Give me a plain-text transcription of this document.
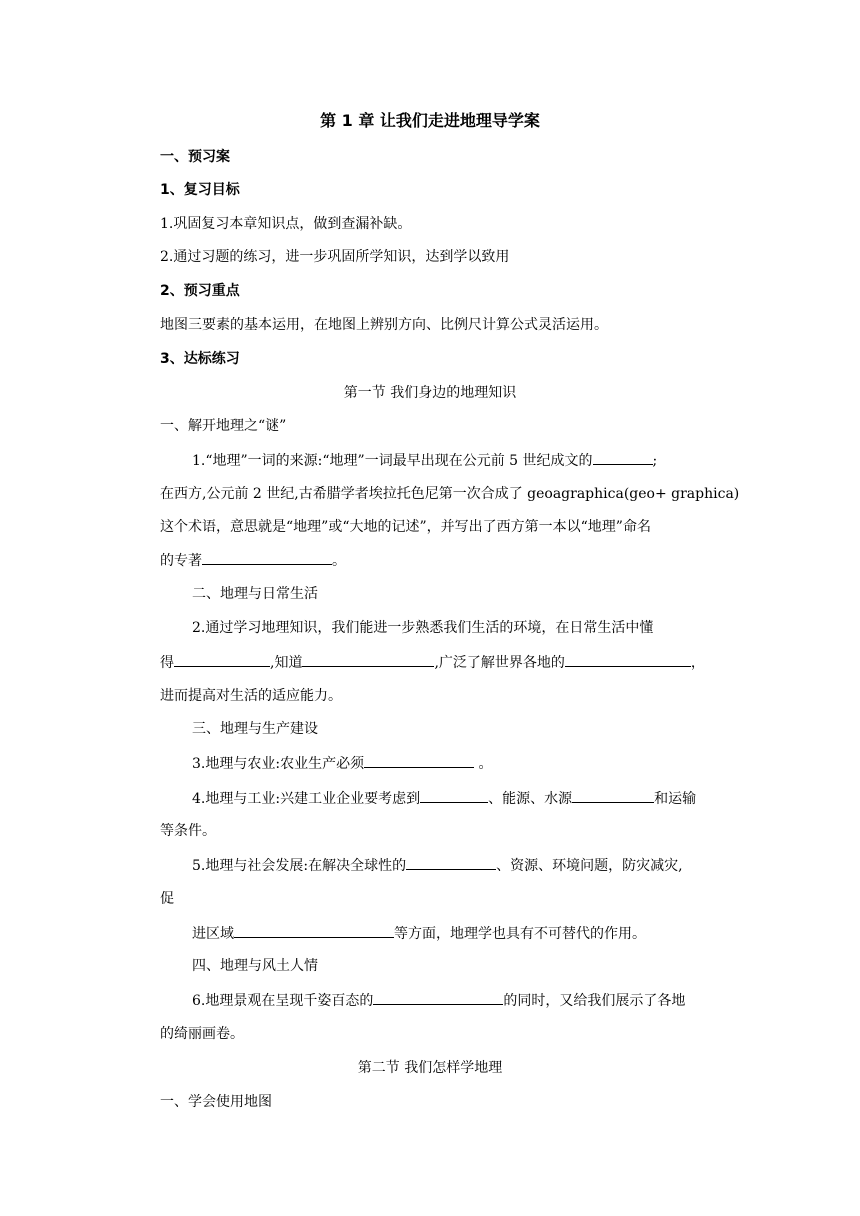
第 1 章 让我们走进地理导学案
一、预习案
1、复习目标
1.巩固复习本章知识点，做到查漏补缺。
2.通过习题的练习，进一步巩固所学知识，达到学以致用
2、预习重点
地图三要素的基本运用，在地图上辨别方向、比例尺计算公式灵活运用。
3、达标练习
第一节 我们身边的地理知识
一、解开地理之“谜”
1.“地理”一词的来源:“地理”一词最早出现在公元前 5 世纪成文的	;
在西方,公元前 2 世纪,古希腊学者埃拉托色尼第一次合成了 geoagraphica(geo+ graphica)
这个术语，意思就是“地理”或“大地的记述”，并写出了西方第一本以“地理”命名
的专著	。
二、地理与日常生活
2.通过学习地理知识，我们能进一步熟悉我们生活的环境，在日常生活中懂
得	,知道	,广泛了解世界各地的	，
进而提高对生活的适应能力。
三、地理与生产建设
3.地理与农业:农业生产必须	。
4.地理与工业:兴建工业企业要考虑到	、能源、水源	和运输
等条件。
5.地理与社会发展:在解决全球性的	、资源、环境问题，防灾减灾,
促
进区域	等方面，地理学也具有不可替代的作用。
四、地理与风土人情
6.地理景观在呈现千姿百态的	的同时，又给我们展示了各地
的绮丽画卷。
第二节 我们怎样学地理
一、学会使用地图
